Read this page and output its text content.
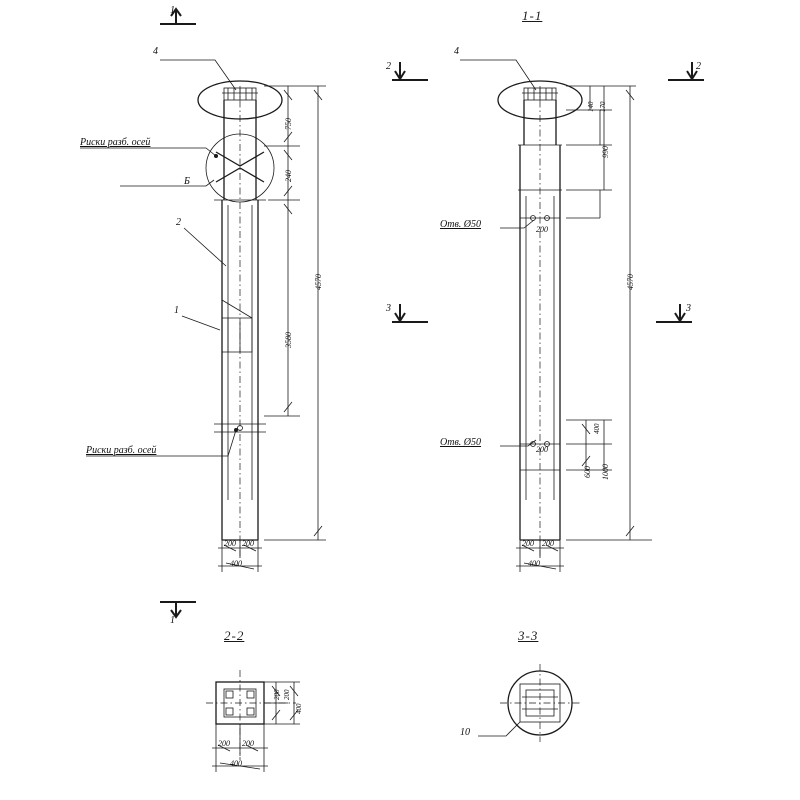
1-1
2-2	3-3
1
1
4
Б
2
1
Риски разб. осей
Риски разб. осей
750
240
4570
3580
200 200
400
2	2
3	3
4
Отв. Ø50
Отв. Ø50
140 170
990
4570
200
200
600 1000
400
200 200
400
200 200
400
200 200
400
10
